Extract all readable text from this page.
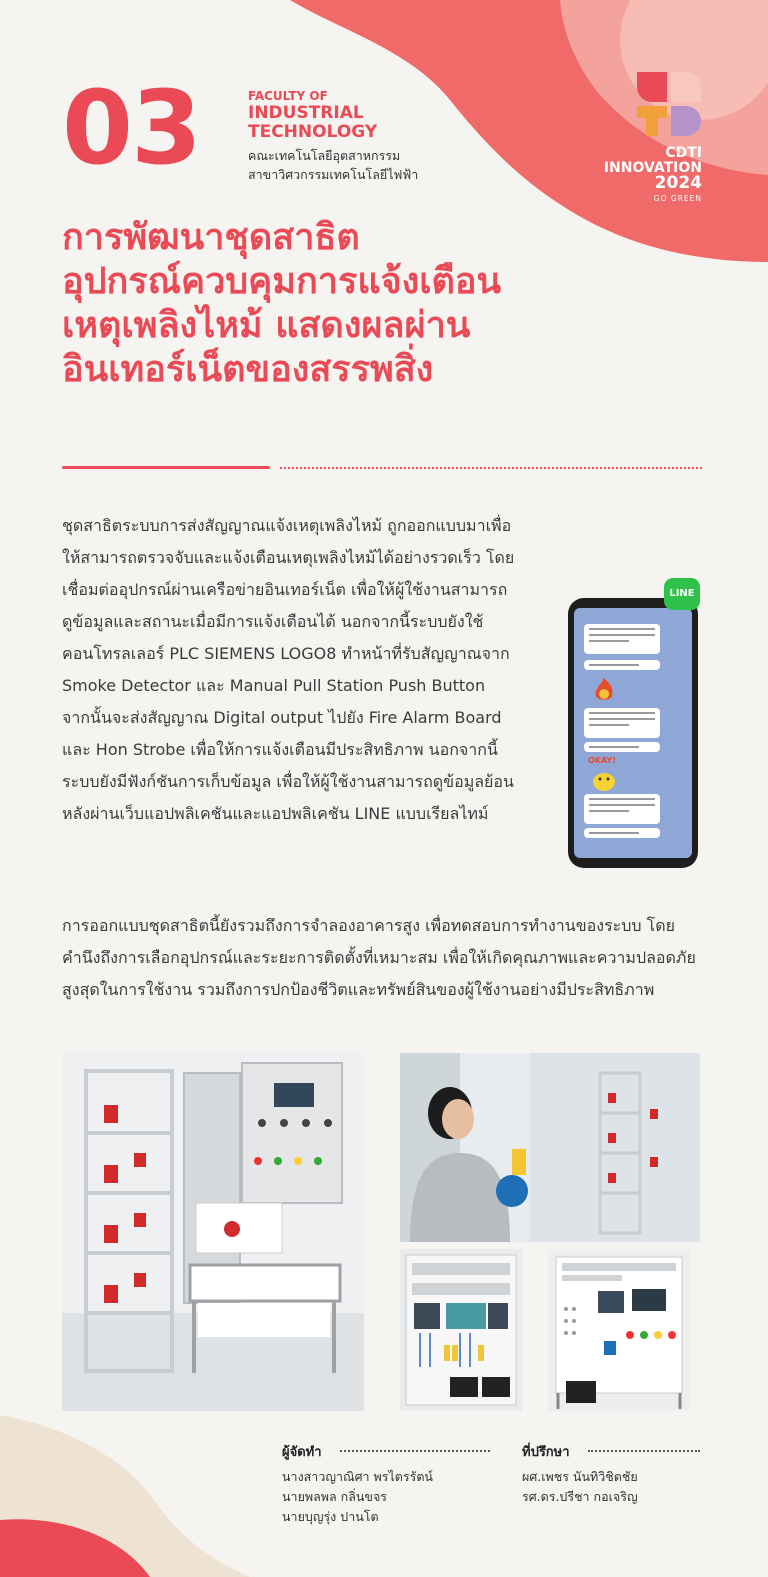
03	FACULTY OF
INDUSTRIAL
TECHNOLOGY
คณะเทคโนโลยีอุตสาหกรรม
สาขาวิศวกรรมเทคโนโลยีไฟฟ้า
CDTI
INNOVATION
2024
GO GREEN
การพัฒนาชุดสาธิต
อุปกรณ์ควบคุมการแจ้งเตือน
เหตุเพลิงไหม้ แสดงผลผ่าน
อินเทอร์เน็ตของสรรพสิ่ง

ชุดสาธิตระบบการส่งสัญญาณแจ้งเหตุเพลิงไหม้ ถูกออกแบบมาเพื่อให้สามารถตรวจจับและแจ้งเตือนเหตุเพลิงไหม้ได้อย่างรวดเร็ว โดยเชื่อมต่ออุปกรณ์ผ่านเครือข่ายอินเทอร์เน็ต เพื่อให้ผู้ใช้งานสามารถดูข้อมูลและสถานะเมื่อมีการแจ้งเตือนได้ นอกจากนี้ระบบยังใช้คอนโทรลเลอร์ PLC SIEMENS LOGO8 ทำหน้าที่รับสัญญาณจาก Smoke Detector และ Manual Pull Station Push Button จากนั้นจะส่งสัญญาณ Digital output ไปยัง Fire Alarm Board และ Hon Strobe เพื่อให้การแจ้งเตือนมีประสิทธิภาพ นอกจากนี้ ระบบยังมีฟังก์ชันการเก็บข้อมูล เพื่อให้ผู้ใช้งานสามารถดูข้อมูลย้อนหลังผ่านเว็บแอปพลิเคชันและแอปพลิเคชัน LINE แบบเรียลไทม์

OKAY!
LINE

การออกแบบชุดสาธิตนี้ยังรวมถึงการจำลองอาคารสูง เพื่อทดสอบการทำงานของระบบ โดยคำนึงถึงการเลือกอุปกรณ์และระยะการติดตั้งที่เหมาะสม เพื่อให้เกิดคุณภาพและความปลอดภัยสูงสุดในการใช้งาน รวมถึงการปกป้องชีวิตและทรัพย์สินของผู้ใช้งานอย่างมีประสิทธิภาพ

ผู้จัดทำ
นางสาวญาณิศา พรไตรรัตน์
นายพลพล กลิ่นขจร
นายบุญรุ่ง ปานโต
ที่ปรึกษา
ผศ.เพชร นันทิวิชิตชัย
รศ.ดร.ปรีชา กอเจริญ
